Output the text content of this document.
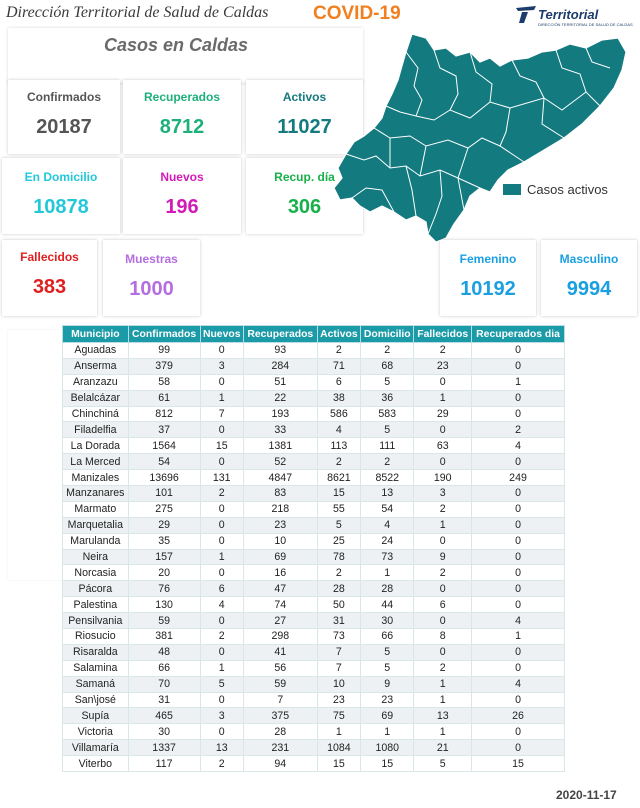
Dirección Territorial de Salud de Caldas COVID-19	Territorial
DIRECCIÓN TERRITORIAL DE SALUD DE CALDAS
Casos en Caldas
Confirmados
20187
Recuperados
8712
Activos
11027
En Domicilio
10878
Nuevos
196
Recup. día
306
Fallecidos
383
Muestras
1000
Casos activos
Femenino
10192
Masculino
9994
Municipio	Confirmados	Nuevos	Recuperados	Activos	Domicilio	Fallecidos	Recuperados dia
Aguadas	99	0	93	2	2	2	0
Anserma	379	3	284	71	68	23	0
Aranzazu	58	0	51	6	5	0	1
Belalcázar	61	1	22	38	36	1	0
Chinchiná	812	7	193	586	583	29	0
Filadelfia	37	0	33	4	5	0	2
La Dorada	1564	15	1381	113	111	63	4
La Merced	54	0	52	2	2	0	0
Manizales	13696	131	4847	8621	8522	190	249
Manzanares	101	2	83	15	13	3	0
Marmato	275	0	218	55	54	2	0
Marquetalia	29	0	23	5	4	1	0
Marulanda	35	0	10	25	24	0	0
Neira	157	1	69	78	73	9	0
Norcasia	20	0	16	2	1	2	0
Pácora	76	6	47	28	28	0	0
Palestina	130	4	74	50	44	6	0
Pensilvania	59	0	27	31	30	0	4
Riosucio	381	2	298	73	66	8	1
Risaralda	48	0	41	7	5	0	0
Salamina	66	1	56	7	5	2	0
Samaná	70	5	59	10	9	1	4
San\josé	31	0	7	23	23	1	0
Supía	465	3	375	75	69	13	26
Victoria	30	0	28	1	1	1	0
Villamaría	1337	13	231	1084	1080	21	0
Viterbo	117	2	94	15	15	5	15
2020-11-17
